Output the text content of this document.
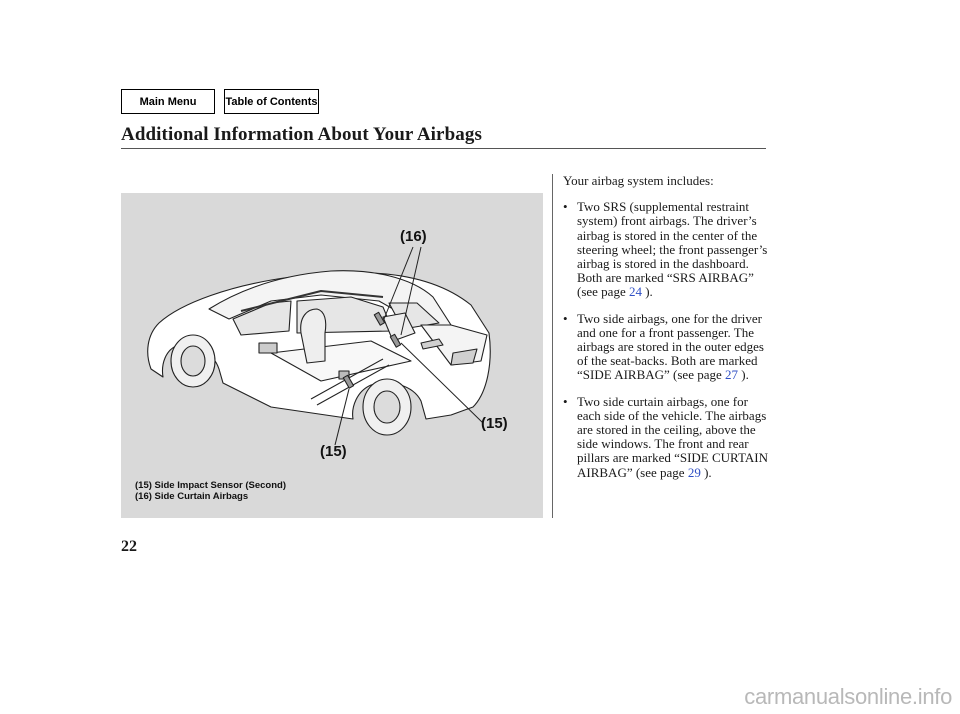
Main Menu	Table of Contents
Additional Information About Your Airbags
(16)
(15)
(15)
(15) Side Impact Sensor (Second)
(16) Side Curtain Airbags

Your airbag system includes:

• Two SRS (supplemental restraint system) front airbags. The driver’s airbag is stored in the center of the steering wheel; the front passenger’s airbag is stored in the dashboard. Both are marked “SRS AIRBAG” (see page 24 ).
• Two side airbags, one for the driver and one for a front passenger. The airbags are stored in the outer edges of the seat-backs. Both are marked “SIDE AIRBAG” (see page 27 ).
• Two side curtain airbags, one for each side of the vehicle. The airbags are stored in the ceiling, above the side windows. The front and rear pillars are marked “SIDE CURTAIN AIRBAG” (see page 29 ).
22
carmanualsonline.info
